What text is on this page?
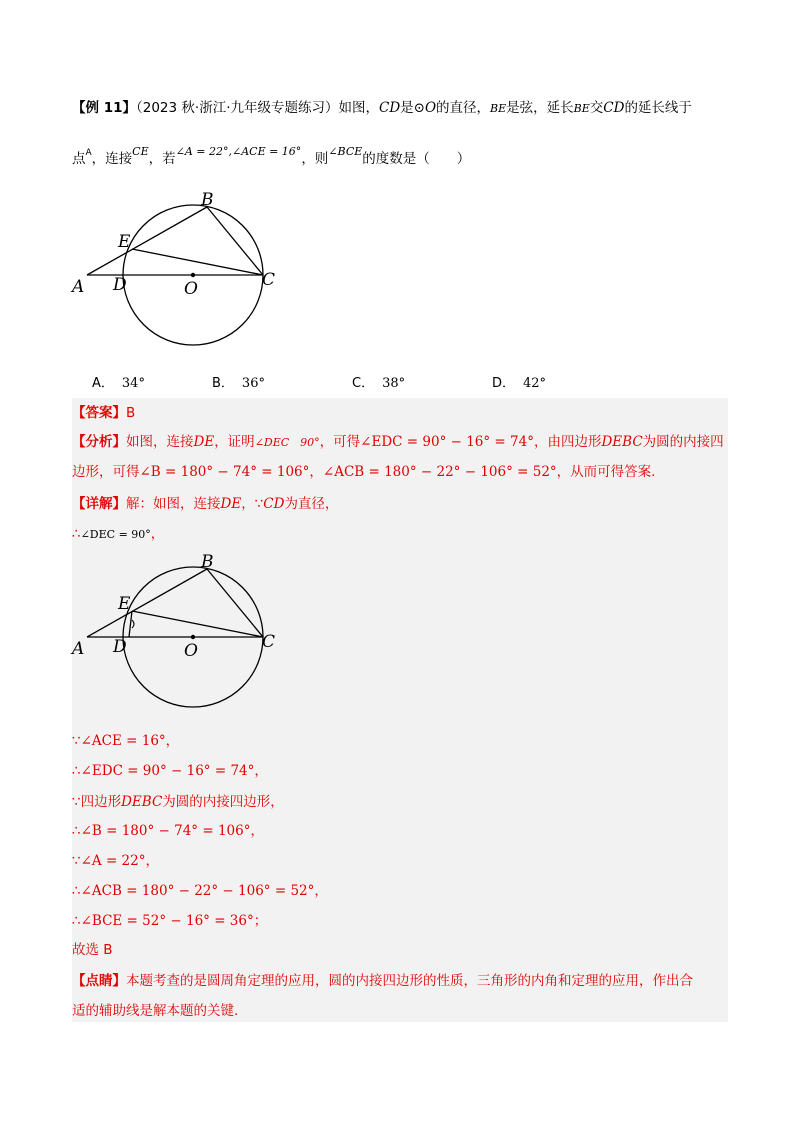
【例 11】（2023 秋·浙江·九年级专题练习）如图，CD是⊙O的直径，BE是弦，延长BE交CD的延长线于
点$^A$，连接$^{CE}$，若$^{\angle A = 22^\circ,\angle ACE = 16^\circ}$，则$^{\angle BCE}$的度数是（　　）
A
B
C
D
E
O
A． 34°	B． 36°	C． 38°	D． 42°
【答案】B
【分析】如图，连接DE，证明∠DEC　90°，可得∠EDC = 90° − 16° = 74°，由四边形DEBC为圆的内接四
边形，可得∠B = 180° − 74° = 106°，∠ACB = 180° − 22° − 106° = 52°，从而可得答案.
【详解】解：如图，连接DE，∵CD为直径，
∴∠DEC = 90°，
A
B
C
D
E
O
∵∠ACE = 16°，
∴∠EDC = 90° − 16° = 74°，
∵四边形DEBC为圆的内接四边形，
∴∠B = 180° − 74° = 106°，
∵∠A = 22°，
∴∠ACB = 180° − 22° − 106° = 52°，
∴∠BCE = 52° − 16° = 36°；
故选 B
【点睛】本题考查的是圆周角定理的应用，圆的内接四边形的性质，三角形的内角和定理的应用，作出合
适的辅助线是解本题的关键.
